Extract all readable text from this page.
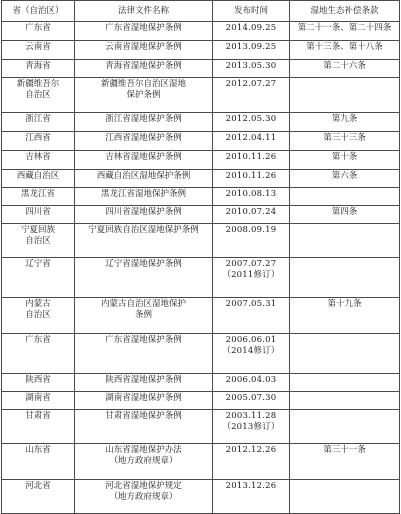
省（自治区）	法律文件名称	发布时间	湿地生态补偿条款

广东省	广东省湿地保护条例	2014.09.25	第二十一条、第二十四条

云南省	云南省湿地保护条例	2013.09.25	第十三条、第十八条

青海省	青海省湿地保护条例	2013.05.30	第二十六条

新疆维吾尔
自治区	新疆维吾尔自治区湿地
保护条例	2012.07.27	

浙江省	浙江省湿地保护条例	2012.05.30	第九条

江西省	江西省湿地保护条例	2012.04.11	第三十三条

吉林省	吉林省湿地保护条例	2010.11.26	第十条

西藏自治区	西藏自治区湿地保护条例	2010.11.26	第六条

黑龙江省	黑龙江省湿地保护条例	2010.08.13	

四川省	四川省湿地保护条例	2010.07.24	第四条

宁夏回族
自治区	宁夏回族自治区湿地保护条例	2008.09.19	

辽宁省	辽宁省湿地保护条例	2007.07.27
（2011修订）	

内蒙古
自治区	内蒙古自治区湿地保护
条例	2007.05.31	第十九条

广东省	广东省湿地保护条例	2006.06.01
（2014修订）	

陕西省	陕西省湿地保护条例	2006.04.03	

湖南省	湖南省湿地保护条例	2005.07.30	

甘肃省	甘肃省湿地保护条例	2003.11.28
（2013修订）	

山东省	山东省湿地保护办法
（地方政府规章）	2012.12.26	第三十一条

河北省	河北省湿地保护规定
（地方政府规章）	2013.12.26	
